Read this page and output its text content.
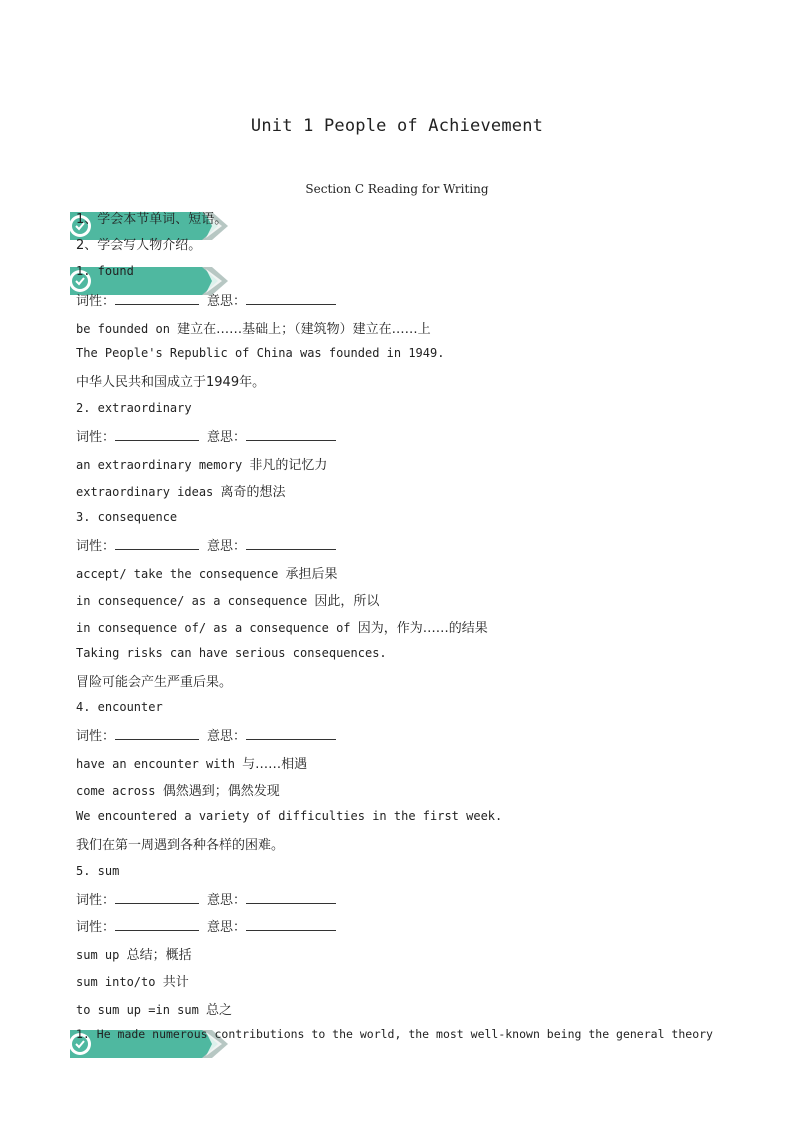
Unit 1 People of Achievement
Section C Reading for Writing
1、学会本节单词、短语。
2、学会写人物介绍。
1. found
词性：	意思：
be founded on 建立在……基础上；（建筑物）建立在……上
The People's Republic of China was founded in 1949.
中华人民共和国成立于1949年。
2. extraordinary
词性：	意思：
an extraordinary memory 非凡的记忆力
extraordinary ideas 离奇的想法
3. consequence
词性：	意思：
accept/ take the consequence 承担后果
in consequence/ as a consequence 因此，所以
in consequence of/ as a consequence of 因为，作为……的结果
Taking risks can have serious consequences.
冒险可能会产生严重后果。
4. encounter
词性：	意思：
have an encounter with 与……相遇
come across 偶然遇到；偶然发现
We encountered a variety of difficulties in the first week.
我们在第一周遇到各种各样的困难。
5. sum
词性：	意思：
词性：	意思：
sum up 总结；概括
sum into/to 共计
to sum up =in sum 总之
1. He made numerous contributions to the world, the most well-known being the general theory
